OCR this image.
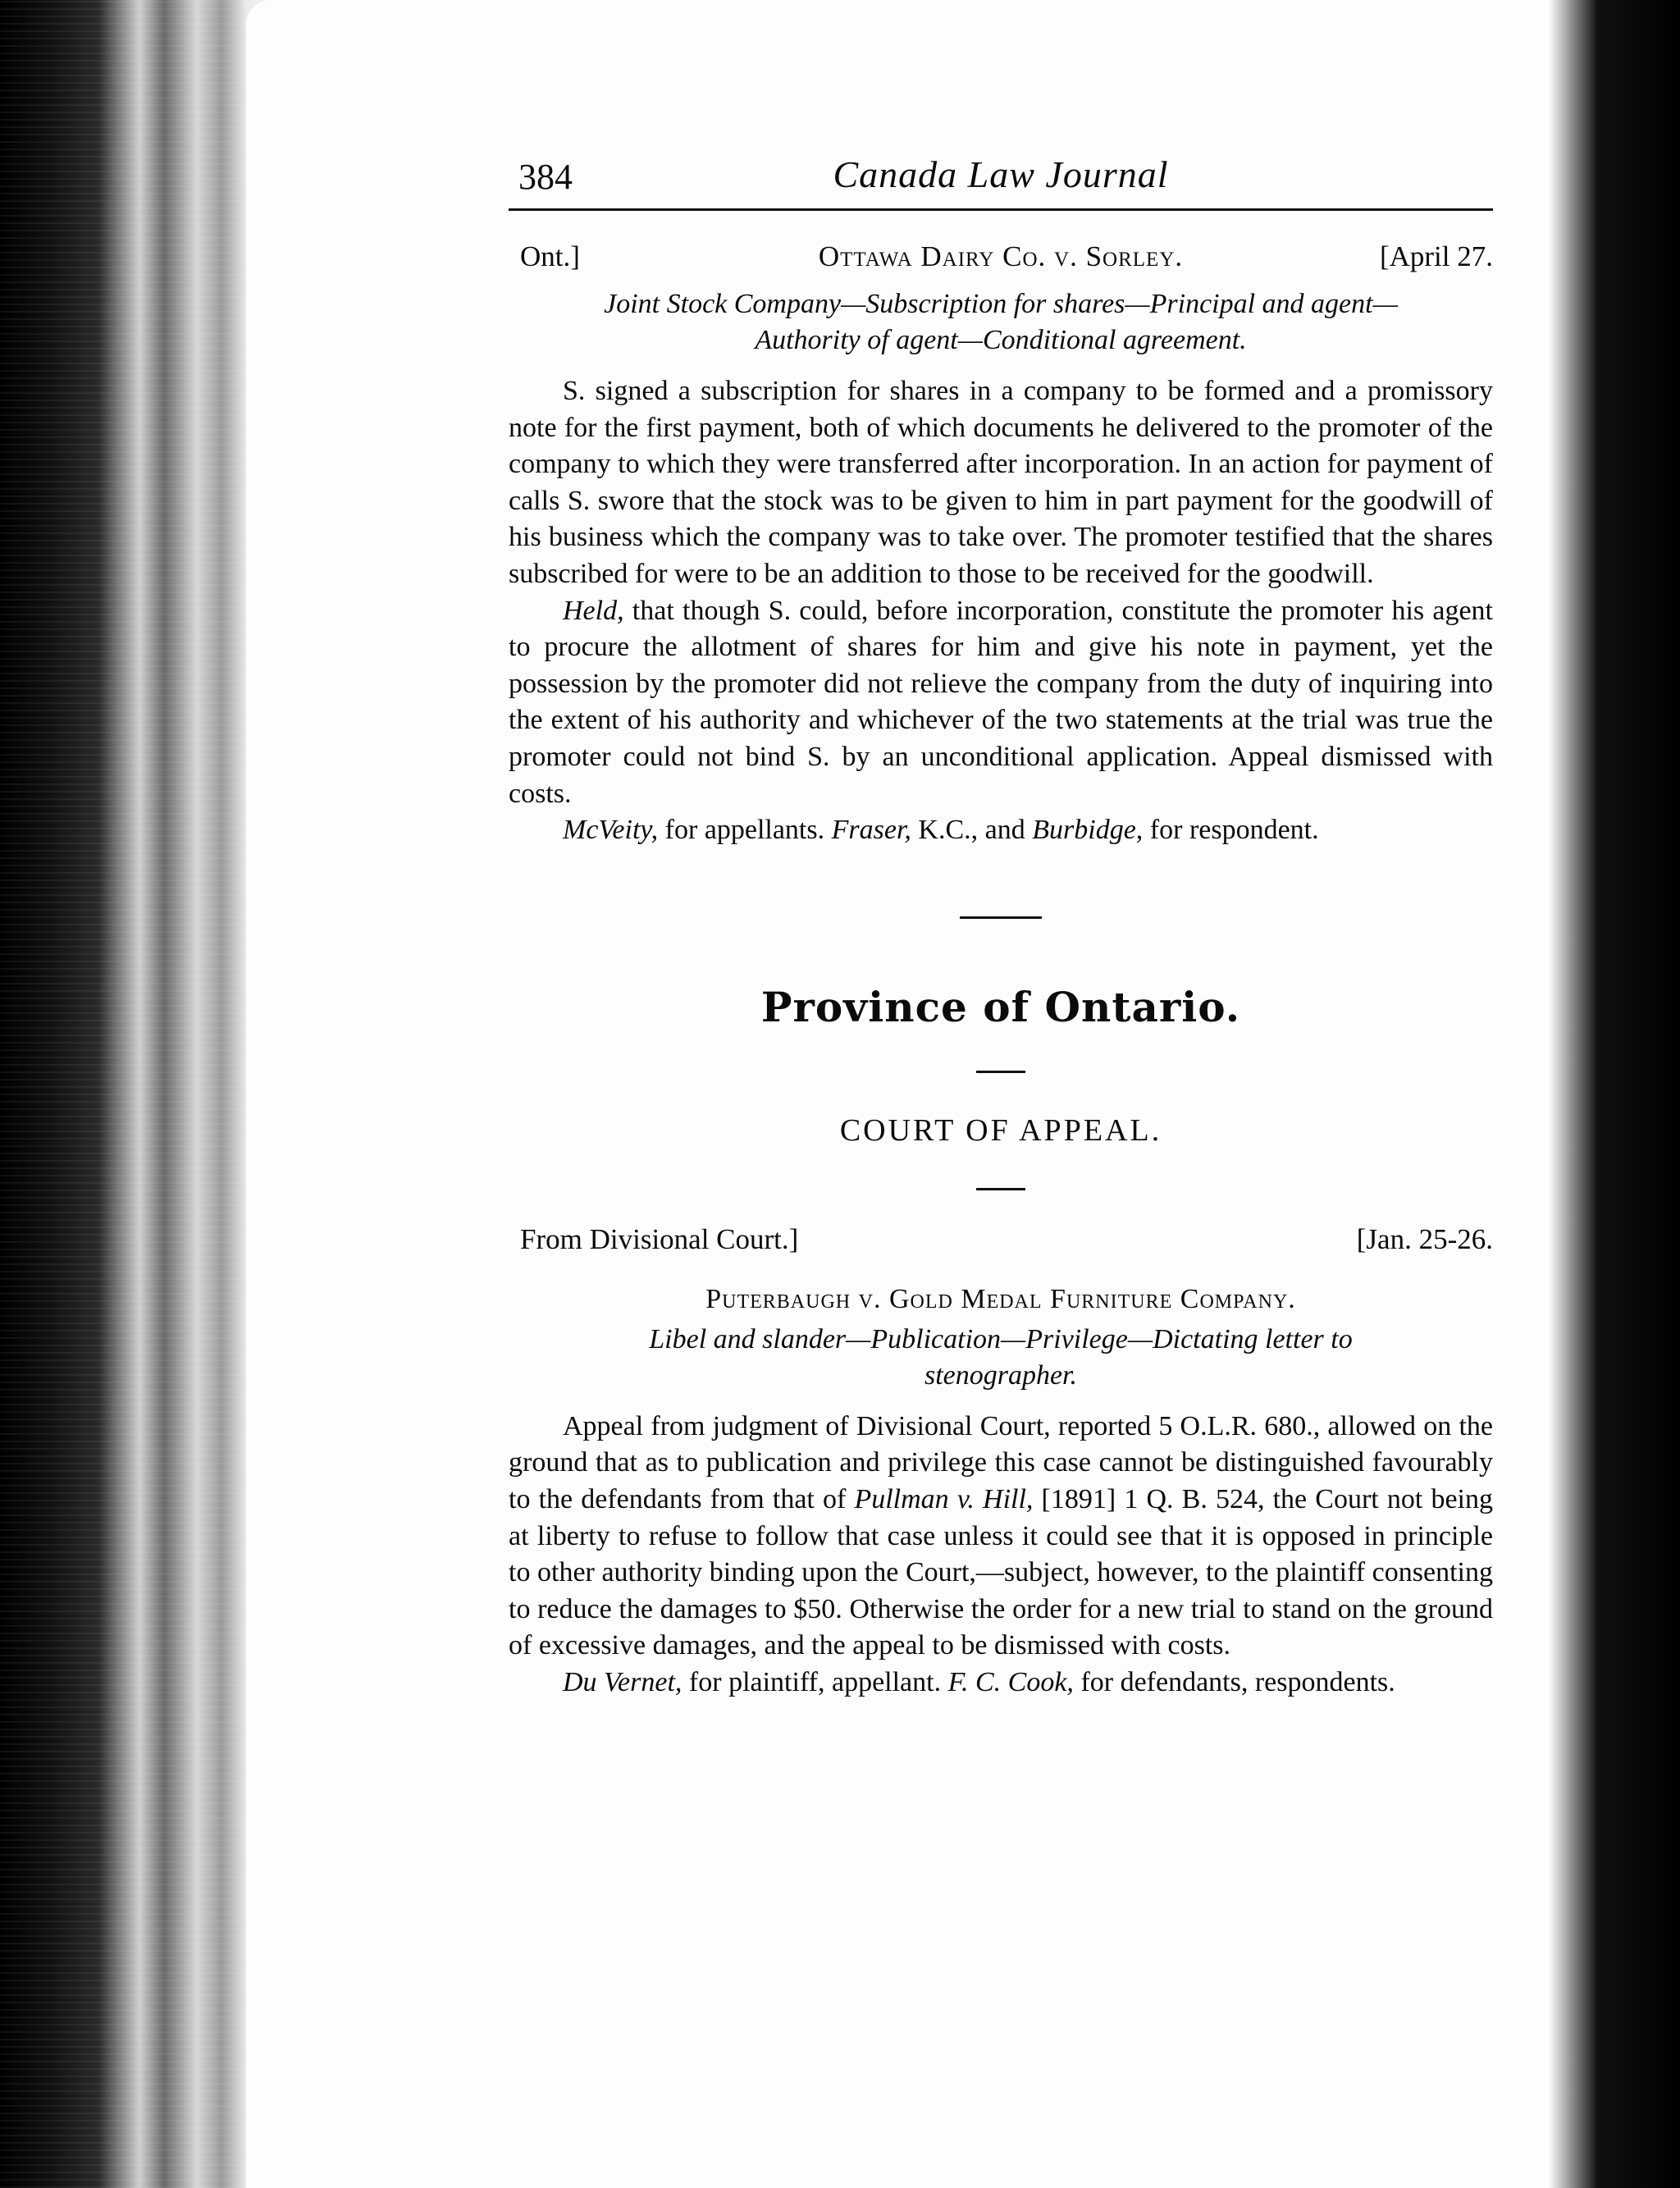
384	Canada Law Journal
Ont.]	Ottawa Dairy Co. v. Sorley.	[April 27.
Joint Stock Company—Subscription for shares—Principal and agent—
Authority of agent—Conditional agreement.

S. signed a subscription for shares in a company to be formed and a promissory note for the first payment, both of which documents he delivered to the promoter of the company to which they were transferred after incorporation. In an action for payment of calls S. swore that the stock was to be given to him in part payment for the goodwill of his business which the company was to take over. The promoter testified that the shares subscribed for were to be an addition to those to be received for the goodwill.

Held, that though S. could, before incorporation, constitute the promoter his agent to procure the allotment of shares for him and give his note in payment, yet the possession by the promoter did not relieve the company from the duty of inquiring into the extent of his authority and whichever of the two statements at the trial was true the promoter could not bind S. by an unconditional application. Appeal dismissed with costs.

McVeity, for appellants. Fraser, K.C., and Burbidge, for respondent.

Province of Ontario.
COURT OF APPEAL.
From Divisional Court.]	[Jan. 25-26.
Puterbaugh v. Gold Medal Furniture Company.
Libel and slander—Publication—Privilege—Dictating letter to
stenographer.

Appeal from judgment of Divisional Court, reported 5 O.L.R. 680., allowed on the ground that as to publication and privilege this case cannot be distinguished favourably to the defendants from that of Pullman v. Hill, [1891] 1 Q. B. 524, the Court not being at liberty to refuse to follow that case unless it could see that it is opposed in principle to other authority binding upon the Court,—subject, however, to the plaintiff consenting to reduce the damages to $50. Otherwise the order for a new trial to stand on the ground of excessive damages, and the appeal to be dismissed with costs.

Du Vernet, for plaintiff, appellant. F. C. Cook, for defendants, respondents.
